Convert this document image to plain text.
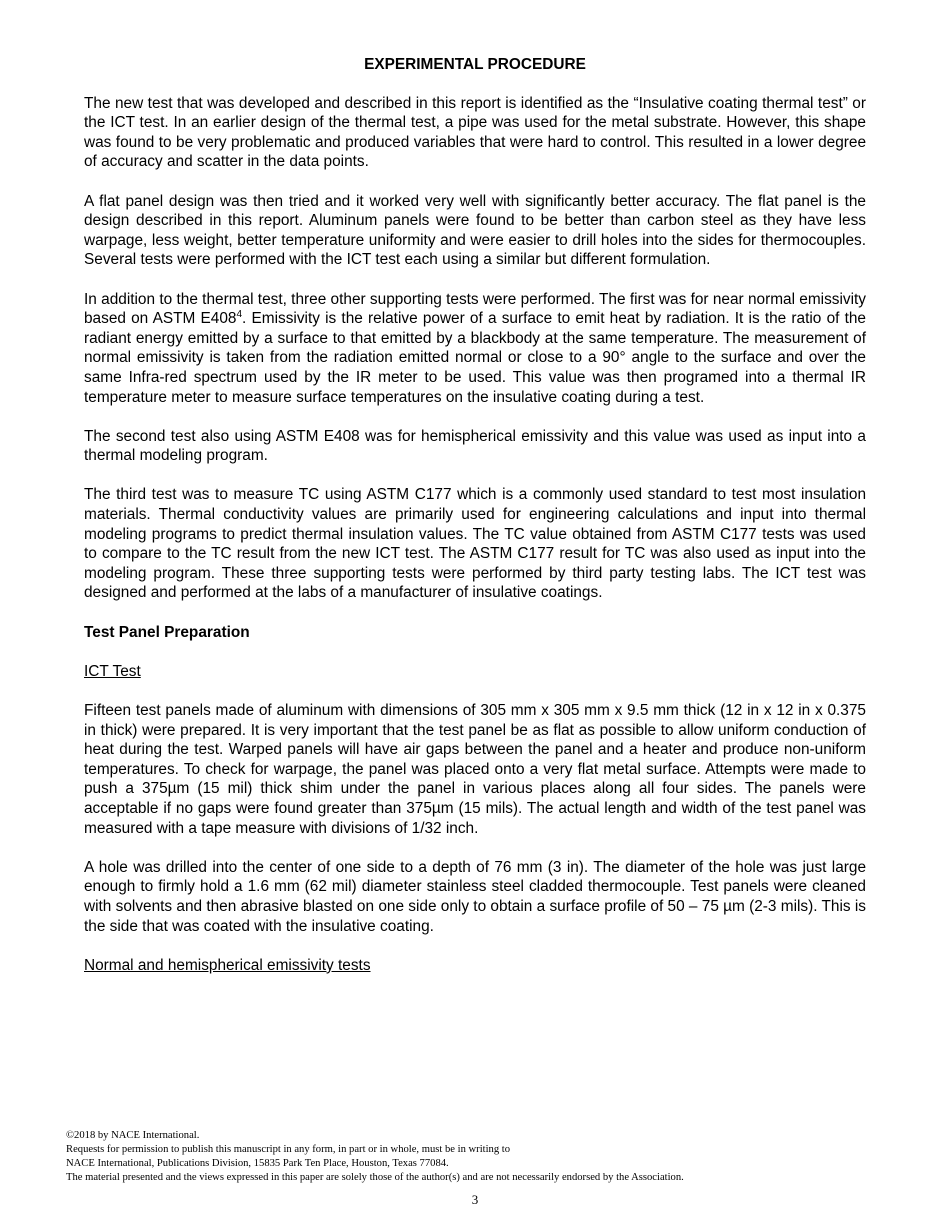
EXPERIMENTAL PROCEDURE

The new test that was developed and described in this report is identified as the “Insulative coating thermal test” or the ICT test. In an earlier design of the thermal test, a pipe was used for the metal substrate. However, this shape was found to be very problematic and produced variables that were hard to control. This resulted in a lower degree of accuracy and scatter in the data points.

A flat panel design was then tried and it worked very well with significantly better accuracy. The flat panel is the design described in this report. Aluminum panels were found to be better than carbon steel as they have less warpage, less weight, better temperature uniformity and were easier to drill holes into the sides for thermocouples. Several tests were performed with the ICT test each using a similar but different formulation.

In addition to the thermal test, three other supporting tests were performed. The first was for near normal emissivity based on ASTM $E408^4$. Emissivity is the relative power of a surface to emit heat by radiation. It is the ratio of the radiant energy emitted by a surface to that emitted by a blackbody at the same temperature. The measurement of normal emissivity is taken from the radiation emitted normal or close to a 90° angle to the surface and over the same Infra-red spectrum used by the IR meter to be used. This value was then programed into a thermal IR temperature meter to measure surface temperatures on the insulative coating during a test.

The second test also using ASTM E408 was for hemispherical emissivity and this value was used as input into a thermal modeling program.

The third test was to measure TC using ASTM C177 which is a commonly used standard to test most insulation materials. Thermal conductivity values are primarily used for engineering calculations and input into thermal modeling programs to predict thermal insulation values. The TC value obtained from ASTM C177 tests was used to compare to the TC result from the new ICT test. The ASTM C177 result for TC was also used as input into the modeling program. These three supporting tests were performed by third party testing labs. The ICT test was designed and performed at the labs of a manufacturer of insulative coatings.

Test Panel Preparation
ICT Test

Fifteen test panels made of aluminum with dimensions of 305 mm x 305 mm x 9.5 mm thick (12 in x 12 in x 0.375 in thick) were prepared. It is very important that the test panel be as flat as possible to allow uniform conduction of heat during the test. Warped panels will have air gaps between the panel and a heater and produce non-uniform temperatures. To check for warpage, the panel was placed onto a very flat metal surface. Attempts were made to push a 375µm (15 mil) thick shim under the panel in various places along all four sides. The panels were acceptable if no gaps were found greater than 375µm (15 mils). The actual length and width of the test panel was measured with a tape measure with divisions of 1/32 inch.

A hole was drilled into the center of one side to a depth of 76 mm (3 in). The diameter of the hole was just large enough to firmly hold a 1.6 mm (62 mil) diameter stainless steel cladded thermocouple. Test panels were cleaned with solvents and then abrasive blasted on one side only to obtain a surface profile of 50 – 75 µm (2-3 mils). This is the side that was coated with the insulative coating.

Normal and hemispherical emissivity tests
©2018 by NACE International.
Requests for permission to publish this manuscript in any form, in part or in whole, must be in writing to
NACE International, Publications Division, 15835 Park Ten Place, Houston, Texas 77084.
The material presented and the views expressed in this paper are solely those of the author(s) and are not necessarily endorsed by the Association.
3
